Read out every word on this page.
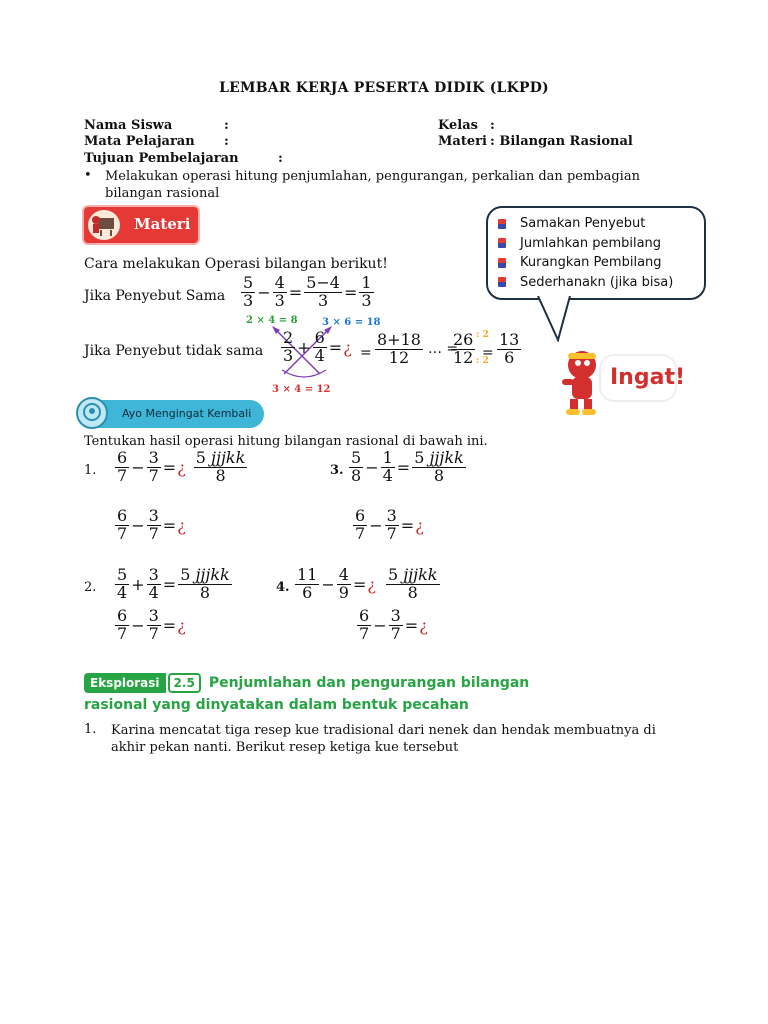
LEMBAR KERJA PESERTA DIDIK (LKPD)
Nama Siswa	:
Mata Pelajaran :
Tujuan Pembelajaran	:
Kelas :
Materi : Bilangan Rasional
• Melakukan operasi hitung penjumlahan, pengurangan, perkalian dan pembagian bilangan rasional
Materi	Samakan Penyebut
Jumlahkan pembilang
Kurangkan Pembilang
Sederhanakn (jika bisa)
Ingat!
Cara melakukan Operasi bilangan berikut!
Jika Penyebut Sama $\frac{5}{3} - \frac{4}{3} = \frac{5-4}{3} = \frac{1}{3}$
2 × 4 = 8 3 × 6 = 18
3 × 4 = 12
Jika Penyebut tidak sama $\frac{2}{3} + \frac{6}{4}$ = ¿ = $\frac{8+18}{12}$ … =
$\frac{26}{12}$ : 2
: 2
= $\frac{13}{6}$
Ayo Mengingat Kembali
Tentukan hasil operasi hitung bilangan rasional di bawah ini.
1. $\frac{6}{7} - \frac{3}{7}$ = ¿ $\frac{\text{5 jjjkk}}{8}$
$\frac{6}{7} - \frac{3}{7}$ = ¿
3. $\frac{5}{8} - \frac{1}{4} = \frac{\text{5 jjjkk}}{8}$
$\frac{6}{7} - \frac{3}{7}$ = ¿
2. $\frac{5}{4} + \frac{3}{4} = \frac{\text{5 jjjkk}}{8}$
$\frac{6}{7} - \frac{3}{7}$ = ¿
4. $\frac{11}{6} - \frac{4}{9}$ = ¿ $\frac{\text{5 jjjkk}}{8}$
$\frac{6}{7} - \frac{3}{7}$ = ¿
Eksplorasi	2.5	Penjumlahan dan pengurangan bilangan
rasional yang dinyatakan dalam bentuk pecahan
1. Karina mencatat tiga resep kue tradisional dari nenek dan hendak membuatnya di akhir pekan nanti. Berikut resep ketiga kue tersebut
